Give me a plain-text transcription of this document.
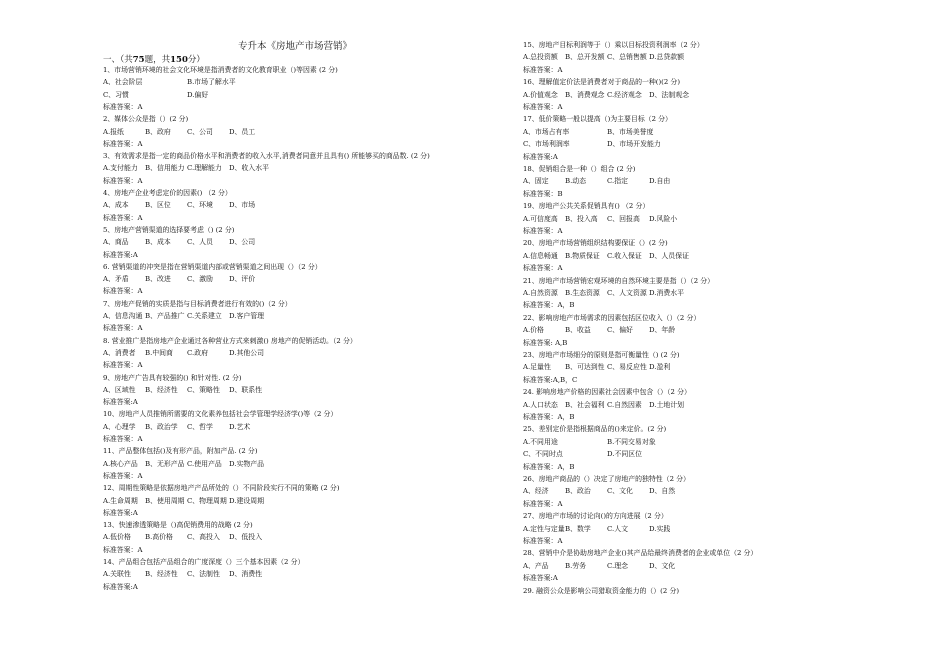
专升本《房地产市场营销》
一、（共75题，共150分）
1、市场营销环境的社会文化环境是指消费者的文化教育职业（)等因素 (2 分)
A、社会阶层	B.市场了解水平
C、习惯	D.偏好
标准答案：A
2、媒体公众是指（）(2 分)
A.报纸	B、政府 C、公司 D、员工
标准答案：A
3、有效需求是指一定的商品价格水平和消费者的收入水平,消费者同意并且具有() 所能够买的商品数. (2 分)
A.支付能力 B、信用能力 C.理解能力 D、收入水平
标准答案：A
4、房地产企业考虑定价的因素() （2 分）
A、成本 B、区位 C、环境 D、市场
标准答案：A
5、房地产营销渠道的选择要考虑（) (2 分)
A、商品 B、成本 C、人员 D、公司
标准答案:A
6. 营销渠道的冲突是指在营销渠道内部或营销渠道之间出现（）（2 分）
A、矛盾 B、改进 C、激励 D、评价
标准答案：A
7、房地产促销的实质是指与目标消费者进行有效的()（2 分）
A、信息沟通 B、产品推广 C.关系建立 D.客户管理
标准答案：A
8. 营业推广是指房地产企业通过各种营业方式来刺激() 房地产的促销活动。（2 分）
A、消费者 B.中间商 C.政府	D.其他公司
标准答案：A
9、房地产广告具有较强的() 和针对性. (2 分)
A、区域性 B、经济性 C、策略性 D、联系性
标准答案:A
10、房地产人员推销所需要的文化素养包括社会学管理学经济学()等（2 分）
A、心理学 B、政治学 C、哲学 D.艺术
标准答案：A
11、产品整体包括()及有形产品，附加产品. (2 分)
A.核心产品 B、无形产品 C.使用产品 D.实物产品
标准答案：A
12、周期性策略是依据房地产产品所处的（）不同阶段实行不同的策略 (2 分)
A.生命周期 B、使用周期 C、物理周期 D.建设周期
标准答案:A
13、快速渗透策略是（)高促销费用的战略 (2 分)
A.低价格 B.高价格 C、高投入 D、低投入
标准答案：A
14、产品组合包括产品组合的广度深度（）三个基本因素（2 分）
A.关联性 B、经济性 C、法制性 D、消费性
标准答案:A
15、房地产目标利润等于（）乘以目标投资利润率（2 分）
A.总投资额 B、总开发额 C、总销售额 D.总贷款额
标准答案：A
16、理解值定价法是消费者对于商品的一种()(2 分)
A.价值观念 B、消费观念 C.经济观念 D、法制观念
标准答案：A
17、低价策略一般以提高（)为主要目标（2 分）
A、市场占有率	B、市场美誉度
C、市场利润率	D、市场开发能力
标准答案:A
18、促销组合是一种（）组合 (2 分)
A、固定 B.动态	C.指定	D.自由
标准答案：B
19、房地产公共关系促销具有() （2 分）
A.可信度高 B、投入高 C、回报高 D.风险小
标准答案：A
20、房地产市场营销组织结构要保证（）(2 分)
A.信息畅通 B.物质保证 C.收入保证 D、人员保证
标准答案：A
21、房地产市场营销宏观环境的自然环境主要是指（）（2 分）
A.自然资源 B.生态资源 C、人文资源 D.消费水平
标准答案：A，B
22、影响房地产市场需求的因素包括区位收入（）（2 分）
A.价格	B、收益 C、偏好 D、年龄
标准答案: A,B
23、房地产市场细分的原则是指可衡量性（) (2 分)
A.足量性 B、可达到性 C、易反应性 D.盈利
标准答案:A,B，C
24. 影响房地产价格的因素社会因素中包含（）（2 分）
A.人口状态 B、社会福利 C.自然因素 D.土地计划
标准答案：A，B
25、差别定价是指根据商品的()来定价。(2 分)
A.不同用途	B.不同交易对象
C、不同时点	D.不同区位
标准答案：A，B
26、房地产商品的（）决定了房地产的独特性（2 分）
A、经济 B、政治 C、文化 D、自然
标准答案：A
27、房地产市场的讨论向()的方向进展（2 分）
A.定性与定量B、数学 C.人文	D.实践
标准答案：A
28、营销中介是协助房地产企业()其产品给最终消费者的企业或单位（2 分）
A、产品 B.劳务	C.理念	D、文化
标准答案:A
29. 融资公众是影响公司猎取资金能力的（）(2 分)
